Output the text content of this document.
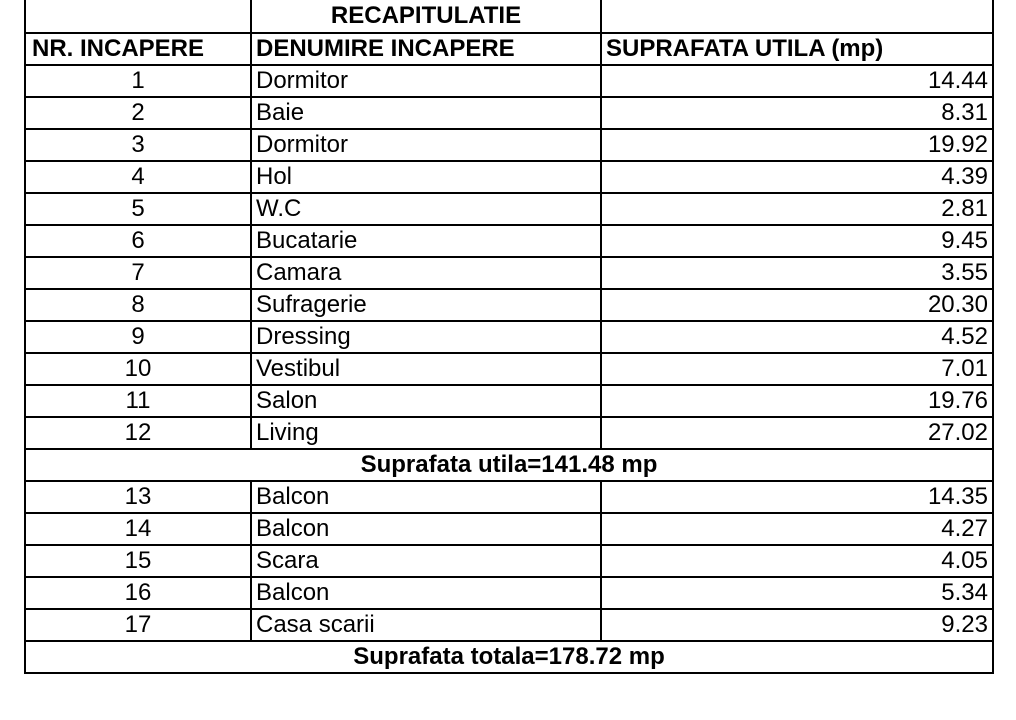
	RECAPITULATIE	
NR. INCAPERE	DENUMIRE INCAPERE	SUPRAFATA UTILA (mp)
1	Dormitor	14.44
2	Baie	8.31
3	Dormitor	19.92
4	Hol	4.39
5	W.C	2.81
6	Bucatarie	9.45
7	Camara	3.55
8	Sufragerie	20.30
9	Dressing	4.52
10	Vestibul	7.01
11	Salon	19.76
12	Living	27.02
Suprafata utila=141.48 mp		
13	Balcon	14.35
14	Balcon	4.27
15	Scara	4.05
16	Balcon	5.34
17	Casa scarii	9.23
Suprafata totala=178.72 mp		
